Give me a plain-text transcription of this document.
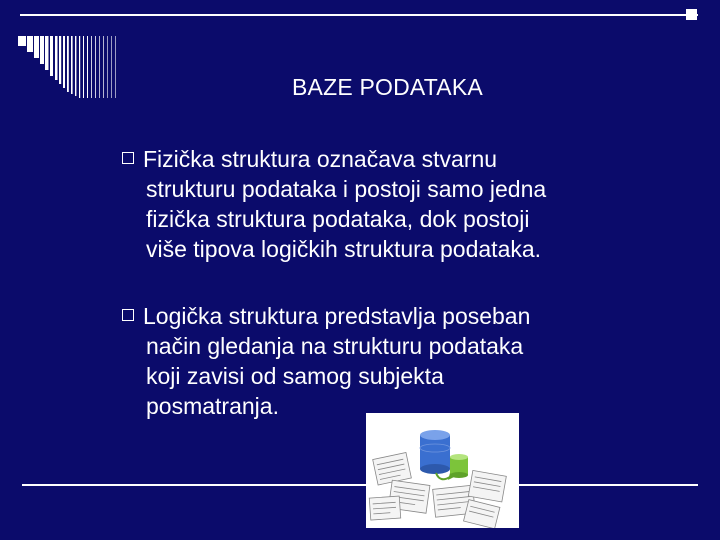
BAZE PODATAKA
Fizička struktura označava stvarnu
strukturu podataka i postoji samo jedna
fizička struktura podataka, dok postoji
više tipova logičkih struktura podataka.
Logička struktura predstavlja poseban
način gledanja na strukturu podataka
koji zavisi od samog subjekta
posmatranja.
